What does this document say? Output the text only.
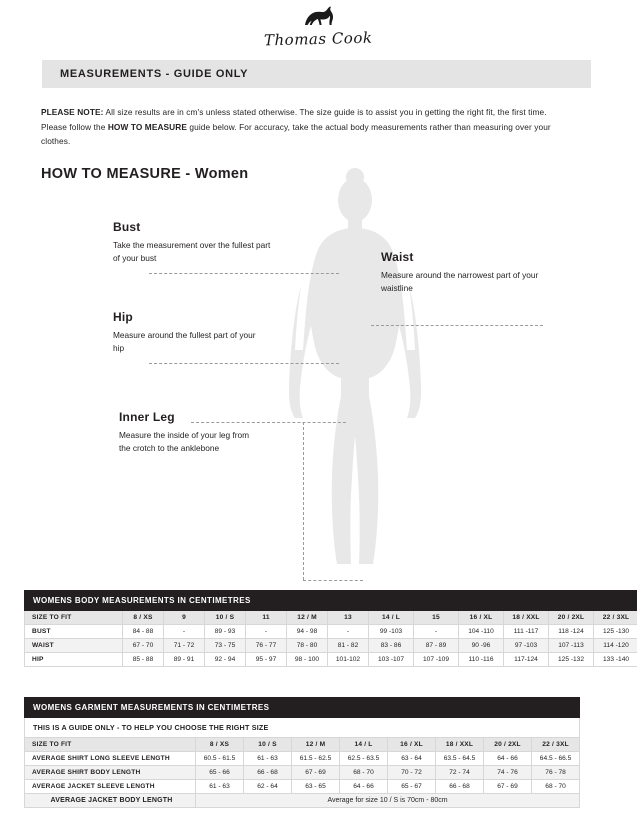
Thomas Cook
MEASUREMENTS - GUIDE ONLY
PLEASE NOTE: All size results are in cm's unless stated otherwise. The size guide is to assist you in getting the right fit, the first time. Please follow the HOW TO MEASURE guide below. For accuracy, take the actual body measurements rather than measuring over your clothes.
HOW TO MEASURE - Women
Bust
Take the measurement over the fullest part of your bust
Hip
Measure around the fullest part of your hip
Inner Leg
Measure the inside of your leg from the crotch to the anklebone
Waist
Measure around the narrowest part of your waistline
WOMENS BODY MEASUREMENTS IN CENTIMETRES												
SIZE TO FIT	8 / XS	9	10 / S	11	12 / M	13	14 / L	15	16 / XL	18 / XXL	20 / 2XL	22 / 3XL
BUST	84 - 88	-	89 - 93	-	94 - 98	-	99 -103	-	104 -110	111 -117	118 -124	125 -130
WAIST	67 - 70	71 - 72	73 - 75	76 - 77	78 - 80	81 - 82	83 - 86	87 - 89	90 -96	97 -103	107 -113	114 -120
HIP	85 - 88	89 - 91	92 - 94	95 - 97	98 - 100	101-102	103 -107	107 -109	110 -116	117-124	125 -132	133 -140
WOMENS GARMENT MEASUREMENTS IN CENTIMETRES								
THIS IS A GUIDE ONLY - TO HELP YOU CHOOSE THE RIGHT SIZE								
SIZE TO FIT	8 / XS	10 / S	12 / M	14 / L	16 / XL	18 / XXL	20 / 2XL	22 / 3XL
AVERAGE SHIRT LONG SLEEVE LENGTH	60.5 - 61.5	61 - 63	61.5 - 62.5	62.5 - 63.5	63 - 64	63.5 - 64.5	64 - 66	64.5 - 66.5
AVERAGE SHIRT BODY LENGTH	65 - 66	66 - 68	67 - 69	68 - 70	70 - 72	72 - 74	74 - 76	76 - 78
AVERAGE JACKET SLEEVE LENGTH	61 - 63	62 - 64	63 - 65	64 - 66	65 - 67	66 - 68	67 - 69	68 - 70
AVERAGE JACKET BODY LENGTH	Average for size 10 / S is 70cm - 80cm							
